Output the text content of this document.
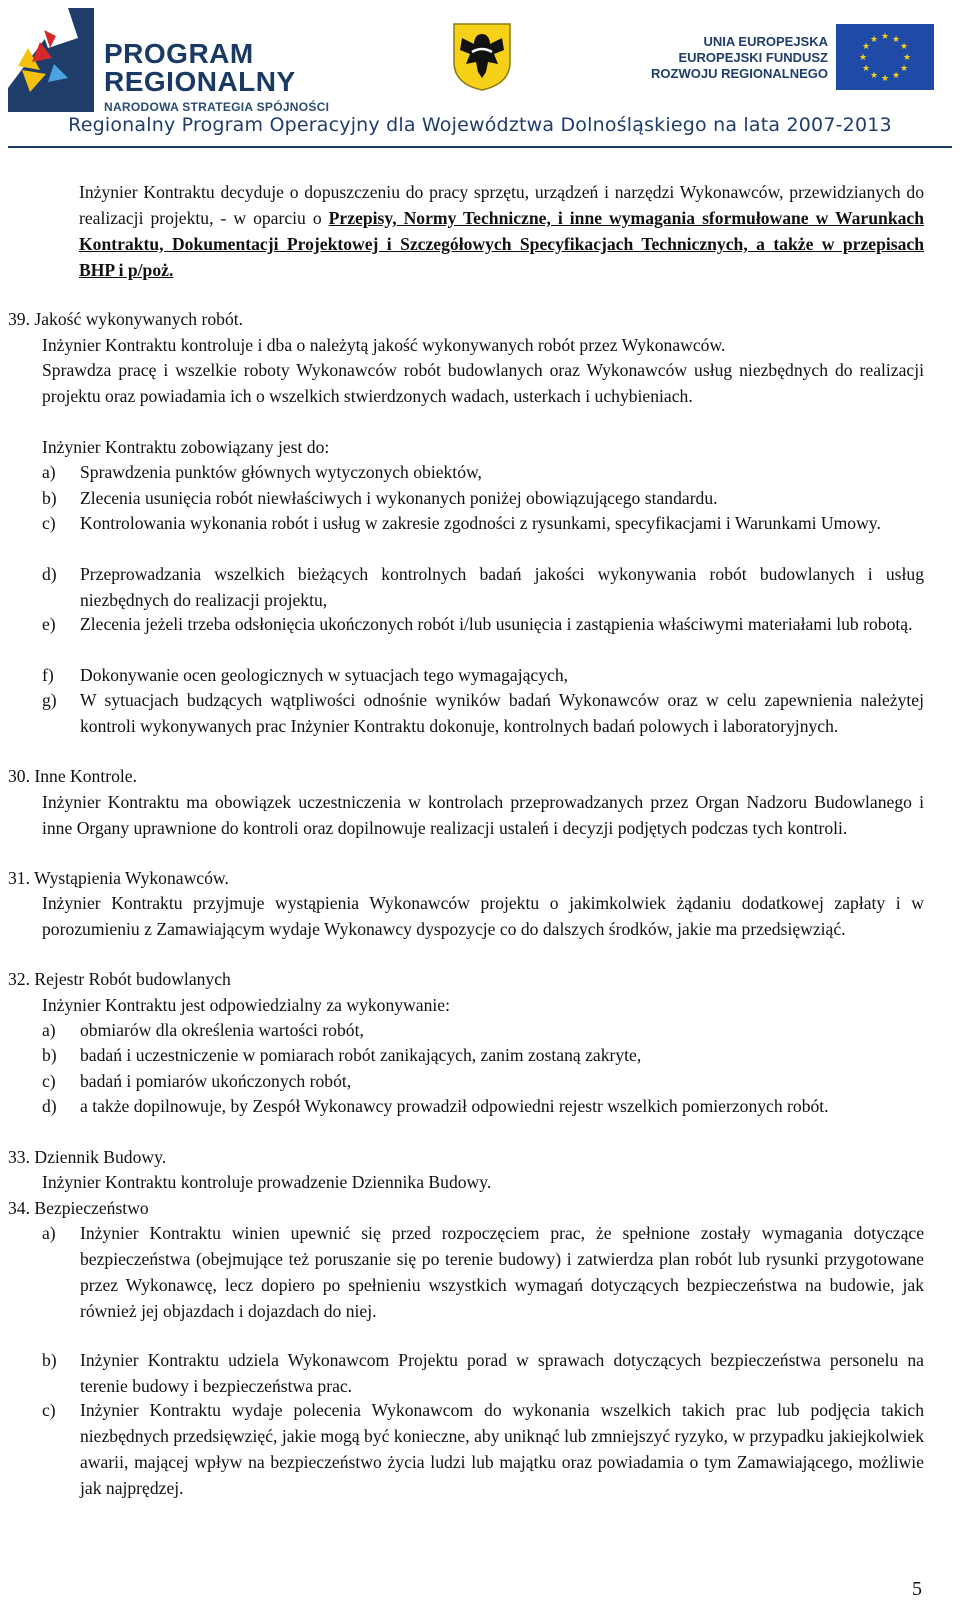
PROGRAM
REGIONALNY
NARODOWA STRATEGIA SPÓJNOŚCI
UNIA EUROPEJSKA
EUROPEJSKI FUNDUSZ
ROZWOJU REGIONALNEGO
★ ★
★
★
★
★
★
★
★
★
★
★
Regionalny Program Operacyjny dla Województwa Dolnośląskiego na lata 2007-2013
Inżynier Kontraktu decyduje o dopuszczeniu do pracy sprzętu, urządzeń i narzędzi Wykonawców, przewidzianych do realizacji projektu, - w oparciu o Przepisy, Normy Techniczne, i inne wymagania sformułowane w Warunkach Kontraktu, Dokumentacji Projektowej i Szczegółowych Specyfikacjach Technicznych, a także w przepisach BHP i p/poż.
39. Jakość wykonywanych robót.
Inżynier Kontraktu kontroluje i dba o należytą jakość wykonywanych robót przez Wykonawców.
Sprawdza pracę i wszelkie roboty Wykonawców robót budowlanych oraz Wykonawców usług niezbędnych do realizacji projektu oraz powiadamia ich o wszelkich stwierdzonych wadach, usterkach i uchybieniach.
Inżynier Kontraktu zobowiązany jest do:
a) Sprawdzenia punktów głównych wytyczonych obiektów,
b) Zlecenia usunięcia robót niewłaściwych i wykonanych poniżej obowiązującego standardu.
c) Kontrolowania wykonania robót i usług w zakresie zgodności z rysunkami, specyfikacjami i Warunkami Umowy.
d) Przeprowadzania wszelkich bieżących kontrolnych badań jakości wykonywania robót budowlanych i usług niezbędnych do realizacji projektu,
e) Zlecenia jeżeli trzeba odsłonięcia ukończonych robót i/lub usunięcia i zastąpienia właściwymi materiałami lub robotą.
f) Dokonywanie ocen geologicznych w sytuacjach tego wymagających,
g) W sytuacjach budzących wątpliwości odnośnie wyników badań Wykonawców oraz w celu zapewnienia należytej kontroli wykonywanych prac Inżynier Kontraktu dokonuje, kontrolnych badań polowych i laboratoryjnych.
30. Inne Kontrole.
Inżynier Kontraktu ma obowiązek uczestniczenia w kontrolach przeprowadzanych przez Organ Nadzoru Budowlanego i inne Organy uprawnione do kontroli oraz dopilnowuje realizacji ustaleń i decyzji podjętych podczas tych kontroli.
31. Wystąpienia Wykonawców.
Inżynier Kontraktu przyjmuje wystąpienia Wykonawców projektu o jakimkolwiek żądaniu dodatkowej zapłaty i w porozumieniu z Zamawiającym wydaje Wykonawcy dyspozycje co do dalszych środków, jakie ma przedsięwziąć.
32. Rejestr Robót budowlanych
Inżynier Kontraktu jest odpowiedzialny za wykonywanie:
a) obmiarów dla określenia wartości robót,
b) badań i uczestniczenie w pomiarach robót zanikających, zanim zostaną zakryte,
c) badań i pomiarów ukończonych robót,
d) a także dopilnowuje, by Zespół Wykonawcy prowadził odpowiedni rejestr wszelkich pomierzonych robót.
33. Dziennik Budowy.
Inżynier Kontraktu kontroluje prowadzenie Dziennika Budowy.
34. Bezpieczeństwo
a) Inżynier Kontraktu winien upewnić się przed rozpoczęciem prac, że spełnione zostały wymagania dotyczące bezpieczeństwa (obejmujące też poruszanie się po terenie budowy) i zatwierdza plan robót lub rysunki przygotowane przez Wykonawcę, lecz dopiero po spełnieniu wszystkich wymagań dotyczących bezpieczeństwa na budowie, jak również jej objazdach i dojazdach do niej.
b) Inżynier Kontraktu udziela Wykonawcom Projektu porad w sprawach dotyczących bezpieczeństwa personelu na terenie budowy i bezpieczeństwa prac.
c) Inżynier Kontraktu wydaje polecenia Wykonawcom do wykonania wszelkich takich prac lub podjęcia takich niezbędnych przedsięwzięć, jakie mogą być konieczne, aby uniknąć lub zmniejszyć ryzyko, w przypadku jakiejkolwiek awarii, mającej wpływ na bezpieczeństwo życia ludzi lub majątku oraz powiadamia o tym Zamawiającego, możliwie jak najprędzej.
5
